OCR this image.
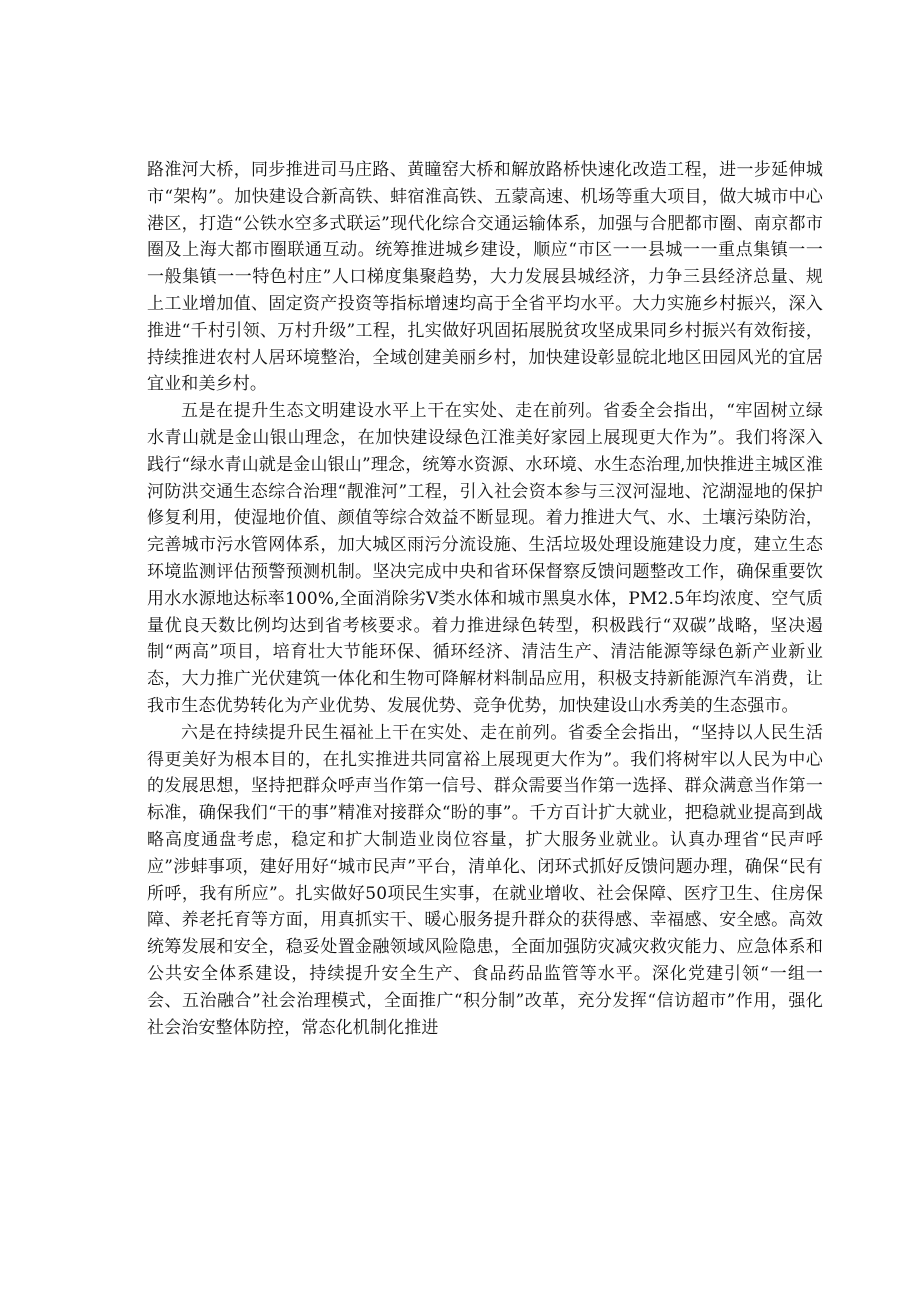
路淮河大桥，同步推进司马庄路、黄瞳窑大桥和解放路桥快速化改造工程，进一步延伸城市“架构”。加快建设合新高铁、蚌宿淮高铁、五蒙高速、机场等重大项目，做大城市中心港区，打造“公铁水空多式联运”现代化综合交通运输体系，加强与合肥都市圈、南京都市圈及上海大都市圈联通互动。统筹推进城乡建设，顺应“市区一一县城一一重点集镇一一一般集镇一一特色村庄”人口梯度集聚趋势，大力发展县城经济，力争三县经济总量、规上工业增加值、固定资产投资等指标增速均高于全省平均水平。大力实施乡村振兴，深入推进“千村引领、万村升级”工程，扎实做好巩固拓展脱贫攻坚成果同乡村振兴有效衔接，持续推进农村人居环境整治，全域创建美丽乡村，加快建设彰显皖北地区田园风光的宜居宜业和美乡村。

五是在提升生态文明建设水平上干在实处、走在前列。省委全会指出，“牢固树立绿水青山就是金山银山理念，在加快建设绿色江淮美好家园上展现更大作为”。我们将深入践行“绿水青山就是金山银山”理念，统筹水资源、水环境、水生态治理,加快推进主城区淮河防洪交通生态综合治理“靓淮河”工程，引入社会资本参与三汊河湿地、沱湖湿地的保护修复利用，使湿地价值、颜值等综合效益不断显现。着力推进大气、水、土壤污染防治，完善城市污水管网体系，加大城区雨污分流设施、生活垃圾处理设施建设力度，建立生态环境监测评估预警预测机制。坚决完成中央和省环保督察反馈问题整改工作，确保重要饮用水水源地达标率100%,全面消除劣Ⅴ类水体和城市黑臭水体，PM2.5年均浓度、空气质量优良天数比例均达到省考核要求。着力推进绿色转型，积极践行“双碳”战略，坚决遏制“两高”项目，培育壮大节能环保、循环经济、清洁生产、清洁能源等绿色新产业新业态，大力推广光伏建筑一体化和生物可降解材料制品应用，积极支持新能源汽车消费，让我市生态优势转化为产业优势、发展优势、竞争优势，加快建设山水秀美的生态强市。

六是在持续提升民生福祉上干在实处、走在前列。省委全会指出，“坚持以人民生活得更美好为根本目的，在扎实推进共同富裕上展现更大作为”。我们将树牢以人民为中心的发展思想，坚持把群众呼声当作第一信号、群众需要当作第一选择、群众满意当作第一标准，确保我们“干的事”精准对接群众“盼的事”。千方百计扩大就业，把稳就业提高到战略高度通盘考虑，稳定和扩大制造业岗位容量，扩大服务业就业。认真办理省“民声呼应”涉蚌事项，建好用好“城市民声”平台，清单化、闭环式抓好反馈问题办理，确保“民有所呼，我有所应”。扎实做好50项民生实事，在就业增收、社会保障、医疗卫生、住房保障、养老托育等方面，用真抓实干、暖心服务提升群众的获得感、幸福感、安全感。高效统筹发展和安全，稳妥处置金融领域风险隐患，全面加强防灾减灾救灾能力、应急体系和公共安全体系建设，持续提升安全生产、食品药品监管等水平。深化党建引领“一组一会、五治融合”社会治理模式，全面推广“积分制”改革，充分发挥“信访超市”作用，强化社会治安整体防控，常态化机制化推进
